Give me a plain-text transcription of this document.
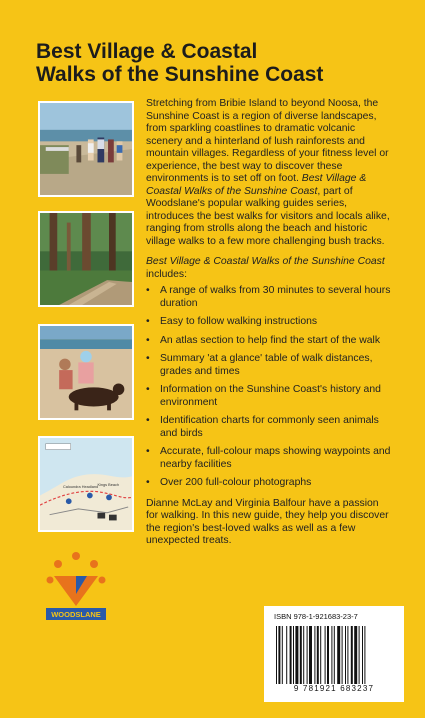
Best Village & Coastal
Walks of the Sunshine Coast
Caloundra Headland Kings Beach

Stretching from Bribie Island to beyond Noosa, the Sunshine Coast is a region of diverse landscapes, from sparkling coastlines to dramatic volcanic scenery and a hinterland of lush rainforests and mountain villages. Regardless of your fitness level or experience, the best way to discover these environments is to set off on foot. Best Village & Coastal Walks of the Sunshine Coast, part of Woodslane's popular walking guides series, introduces the best walks for visitors and locals alike, ranging from strolls along the beach and historic village walks to a few more challenging bush tracks.

Best Village & Coastal Walks of the Sunshine Coast includes:

• A range of walks from 30 minutes to several hours duration
• Easy to follow walking instructions
• An atlas section to help find the start of the walk
• Summary 'at a glance' table of walk distances, grades and times
• Information on the Sunshine Coast's history and environment
• Identification charts for commonly seen animals and birds
• Accurate, full-colour maps showing waypoints and nearby facilities
• Over 200 full-colour photographs

Dianne McLay and Virginia Balfour have a passion for walking. In this new guide, they help you discover the region's best-loved walks as well as a few unexpected treats.

WOODSLANE	ISBN 978-1-921683-23-7
9 781921 683237
